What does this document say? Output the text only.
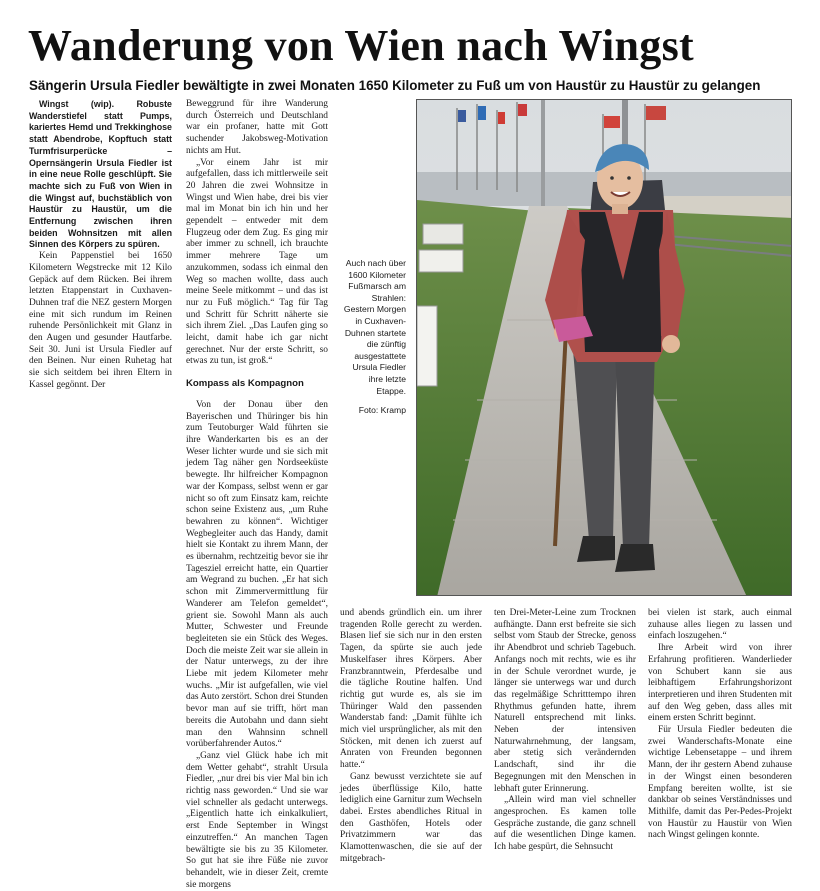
Wanderung von Wien nach Wingst
Sängerin Ursula Fiedler bewältigte in zwei Monaten 1650 Kilometer zu Fuß um von Haustür zu Haustür zu gelangen

Wingst (wip). Robuste Wanderstiefel statt Pumps, kariertes Hemd und Trekkinghose statt Abendrobe, Kopftuch statt Turmfrisurperücke – Opernsängerin Ursula Fiedler ist in eine neue Rolle geschlüpft. Sie machte sich zu Fuß von Wien in die Wingst auf, buchstäblich von Haustür zu Haustür, um die Entfernung zwischen ihren beiden Wohnsitzen mit allen Sinnen des Körpers zu spüren.

Kein Pappenstiel bei 1650 Kilometern Wegstrecke mit 12 Kilo Gepäck auf dem Rücken. Bei ihrem letzten Etappenstart in Cuxhaven-Duhnen traf die NEZ gestern Morgen eine mit sich rundum im Reinen ruhende Persönlichkeit mit Glanz in den Augen und gesunder Hautfarbe. Seit 30. Juni ist Ursula Fiedler auf den Beinen. Nur einen Ruhetag hat sie sich seitdem bei ihren Eltern in Kassel gegönnt. Der

Beweggrund für ihre Wanderung durch Österreich und Deutschland war ein profaner, hatte mit Gott suchender Jakobsweg-Motivation nichts am Hut.

„Vor einem Jahr ist mir aufgefallen, dass ich mittlerweile seit 20 Jahren die zwei Wohnsitze in Wingst und Wien habe, drei bis vier mal im Monat bin ich hin und her gependelt – entweder mit dem Flugzeug oder dem Zug. Es ging mir aber immer zu schnell, ich brauchte immer mehrere Tage um anzukommen, sodass ich einmal den Weg so machen wollte, dass auch meine Seele mitkommt – und das ist nur zu Fuß möglich.“ Tag für Tag und Schritt für Schritt näherte sie sich ihrem Ziel. „Das Laufen ging so leicht, damit habe ich gar nicht gerechnet. Nur der erste Schritt, so etwas zu tun, ist groß.“

Kompass als Kompagnon

Von der Donau über den Bayerischen und Thüringer bis hin zum Teutoburger Wald führten sie ihre Wanderkarten bis es an der Weser lichter wurde und sie sich mit jedem Tag näher gen Nordseeküste bewegte. Ihr hilfreicher Kompagnon war der Kompass, selbst wenn er gar nicht so oft zum Einsatz kam, reichte schon seine Existenz aus, „um Ruhe bewahren zu können“. Wichtiger Wegbegleiter auch das Handy, damit hielt sie Kontakt zu ihrem Mann, der es übernahm, rechtzeitig bevor sie ihr Tagesziel erreicht hatte, ein Quartier am Wegrand zu buchen. „Er hat sich schon mit Zimmervermittlung für Wanderer am Telefon gemeldet“, grient sie. Sowohl Mann als auch Mutter, Schwester und Freunde begleiteten sie ein Stück des Weges. Doch die meiste Zeit war sie allein in der Natur unterwegs, zu der ihre Liebe mit jedem Kilometer mehr wuchs. „Mir ist aufgefallen, wie viel das Auto zerstört. Schon drei Stunden bevor man auf sie trifft, hört man bereits die Autobahn und dann sieht man den Wahnsinn schnell vorüberfahrender Autos.“

„Ganz viel Glück habe ich mit dem Wetter gehabt“, strahlt Ursula Fiedler, „nur drei bis vier Mal bin ich richtig nass geworden.“ Und sie war viel schneller als gedacht unterwegs. „Eigentlich hatte ich einkalkuliert, erst Ende September in Wingst einzutreffen.“ An manchen Tagen bewältigte sie bis zu 35 Kilometer. So gut hat sie ihre Füße nie zuvor behandelt, wie in dieser Zeit, cremte sie morgens

Auch nach über 1600 Kilometer Fußmarsch am Strahlen: Gestern Morgen in Cuxhaven-Duhnen startete die zünftig ausgestattete Ursula Fiedler ihre letzte Etappe.
Foto: Kramp

und abends gründlich ein. um ihrer tragenden Rolle gerecht zu werden. Blasen lief sie sich nur in den ersten Tagen, da spürte sie auch jede Muskelfaser ihres Körpers. Aber Franzbranntwein, Pferdesalbe und die tägliche Routine halfen. Und richtig gut wurde es, als sie im Thüringer Wald den passenden Wanderstab fand: „Damit fühlte ich mich viel ursprünglicher, als mit den Stöcken, mit denen ich zuerst auf Anraten von Freunden begonnen hatte.“

Ganz bewusst verzichtete sie auf jedes überflüssige Kilo, hatte lediglich eine Garnitur zum Wechseln dabei. Erstes abendliches Ritual in den Gasthöfen, Hotels oder Privatzimmern war das Klamottenwaschen, die sie auf der mitgebrach-

ten Drei-Meter-Leine zum Trocknen aufhängte. Dann erst befreite sie sich selbst vom Staub der Strecke, genoss ihr Abendbrot und schrieb Tagebuch. Anfangs noch mit rechts, wie es ihr in der Schule verordnet wurde, je länger sie unterwegs war und durch das regelmäßige Schritttempo ihren Rhythmus gefunden hatte, ihrem Naturell entsprechend mit links. Neben der intensiven Naturwahrnehmung, der langsam, aber stetig sich verändernden Landschaft, sind ihr die Begegnungen mit den Menschen in lebhaft guter Erinnerung.

„Allein wird man viel schneller angesprochen. Es kamen tolle Gespräche zustande, die ganz schnell auf die wesentlichen Dinge kamen. Ich habe gespürt, die Sehnsucht

bei vielen ist stark, auch einmal zuhause alles liegen zu lassen und einfach loszugehen.“

Ihre Arbeit wird von ihrer Erfahrung profitieren. Wanderlieder von Schubert kann sie aus leibhaftigem Erfahrungshorizont interpretieren und ihren Studenten mit auf den Weg geben, dass alles mit einem ersten Schritt beginnt.

Für Ursula Fiedler bedeuten die zwei Wanderschafts-Monate eine wichtige Lebensetappe – und ihrem Mann, der ihr gestern Abend zuhause in der Wingst einen besonderen Empfang bereiten wollte, ist sie dankbar ob seines Verständnisses und Mithilfe, damit das Per-Pedes-Projekt von Haustür zu Haustür von Wien nach Wingst gelingen konnte.
